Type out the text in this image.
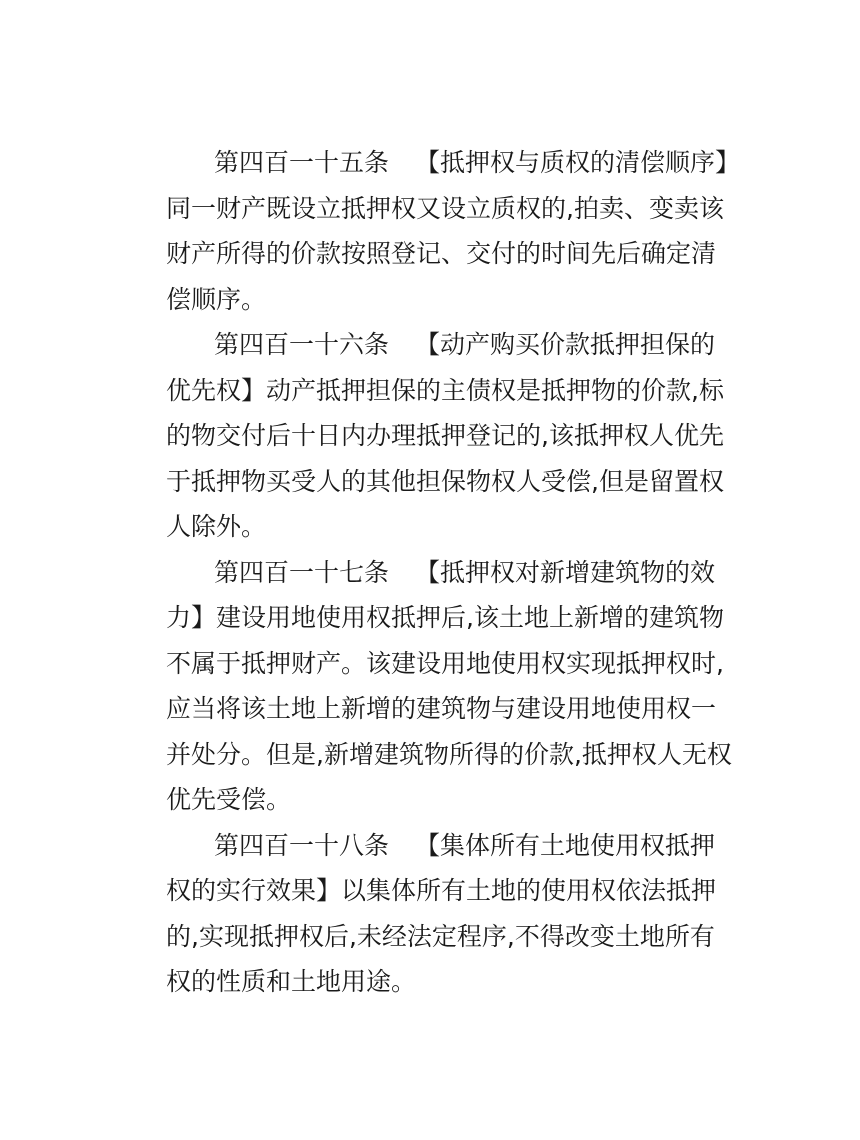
第四百一十五条 【抵押权与质权的清偿顺序】
同一财产既设立抵押权又设立质权的,拍卖、变卖该
财产所得的价款按照登记、交付的时间先后确定清
偿顺序。
第四百一十六条 【动产购买价款抵押担保的
优先权】动产抵押担保的主债权是抵押物的价款,标
的物交付后十日内办理抵押登记的,该抵押权人优先
于抵押物买受人的其他担保物权人受偿,但是留置权
人除外。
第四百一十七条 【抵押权对新增建筑物的效
力】建设用地使用权抵押后,该土地上新增的建筑物
不属于抵押财产。该建设用地使用权实现抵押权时,
应当将该土地上新增的建筑物与建设用地使用权一
并处分。但是,新增建筑物所得的价款,抵押权人无权
优先受偿。
第四百一十八条 【集体所有土地使用权抵押
权的实行效果】以集体所有土地的使用权依法抵押
的,实现抵押权后,未经法定程序,不得改变土地所有
权的性质和土地用途。
